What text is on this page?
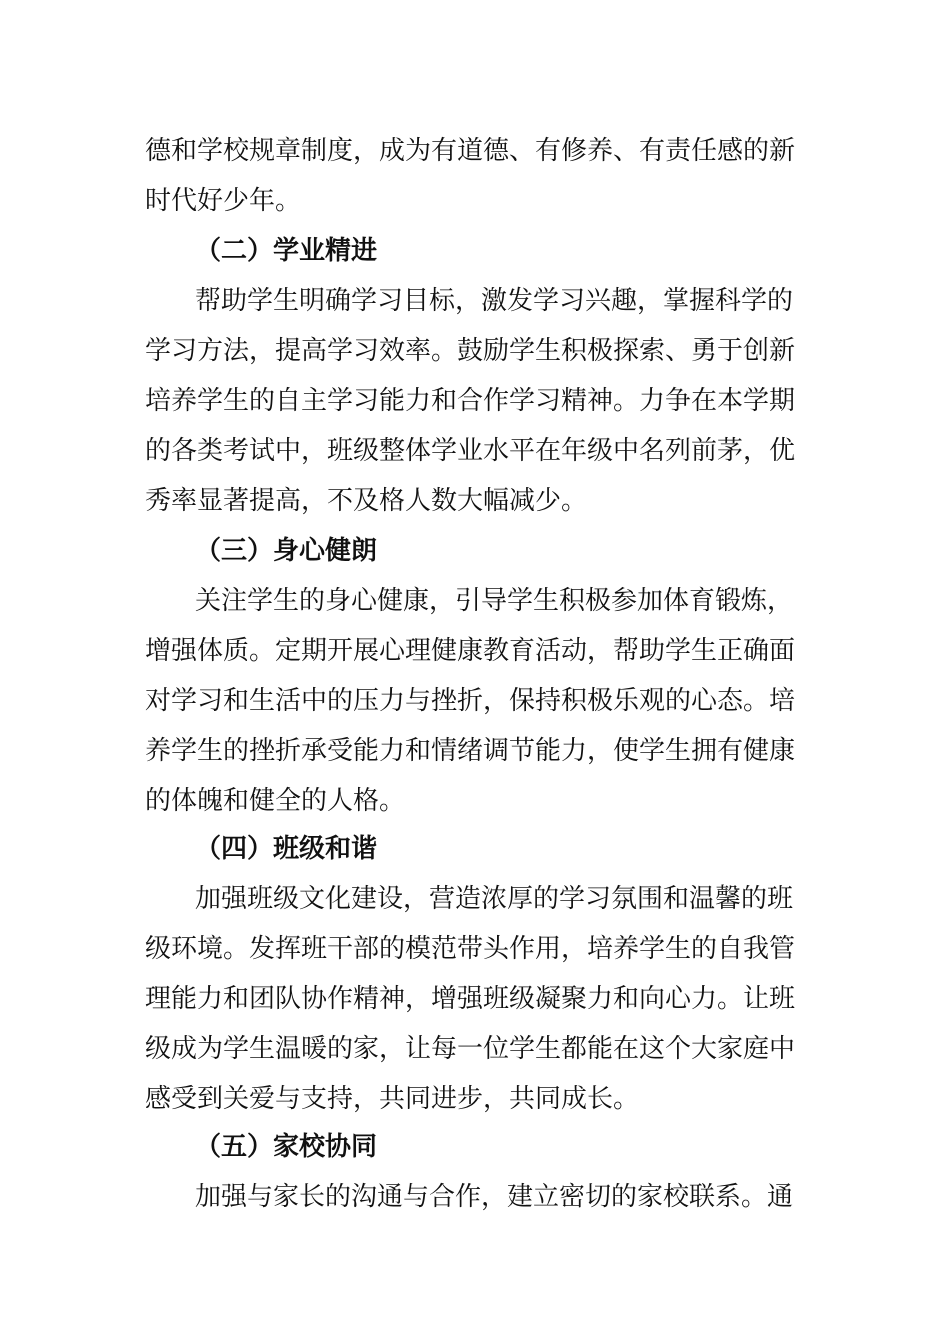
德和学校规章制度，成为有道德、有修养、有责任感的新
时代好少年。
（二）学业精进
帮助学生明确学习目标，激发学习兴趣，掌握科学的
学习方法，提高学习效率。鼓励学生积极探索、勇于创新
培养学生的自主学习能力和合作学习精神。力争在本学期
的各类考试中，班级整体学业水平在年级中名列前茅，优
秀率显著提高，不及格人数大幅减少。
（三）身心健朗
关注学生的身心健康，引导学生积极参加体育锻炼，
增强体质。定期开展心理健康教育活动，帮助学生正确面
对学习和生活中的压力与挫折，保持积极乐观的心态。培
养学生的挫折承受能力和情绪调节能力，使学生拥有健康
的体魄和健全的人格。
（四）班级和谐
加强班级文化建设，营造浓厚的学习氛围和温馨的班
级环境。发挥班干部的模范带头作用，培养学生的自我管
理能力和团队协作精神，增强班级凝聚力和向心力。让班
级成为学生温暖的家，让每一位学生都能在这个大家庭中
感受到关爱与支持，共同进步，共同成长。
（五）家校协同
加强与家长的沟通与合作，建立密切的家校联系。通
